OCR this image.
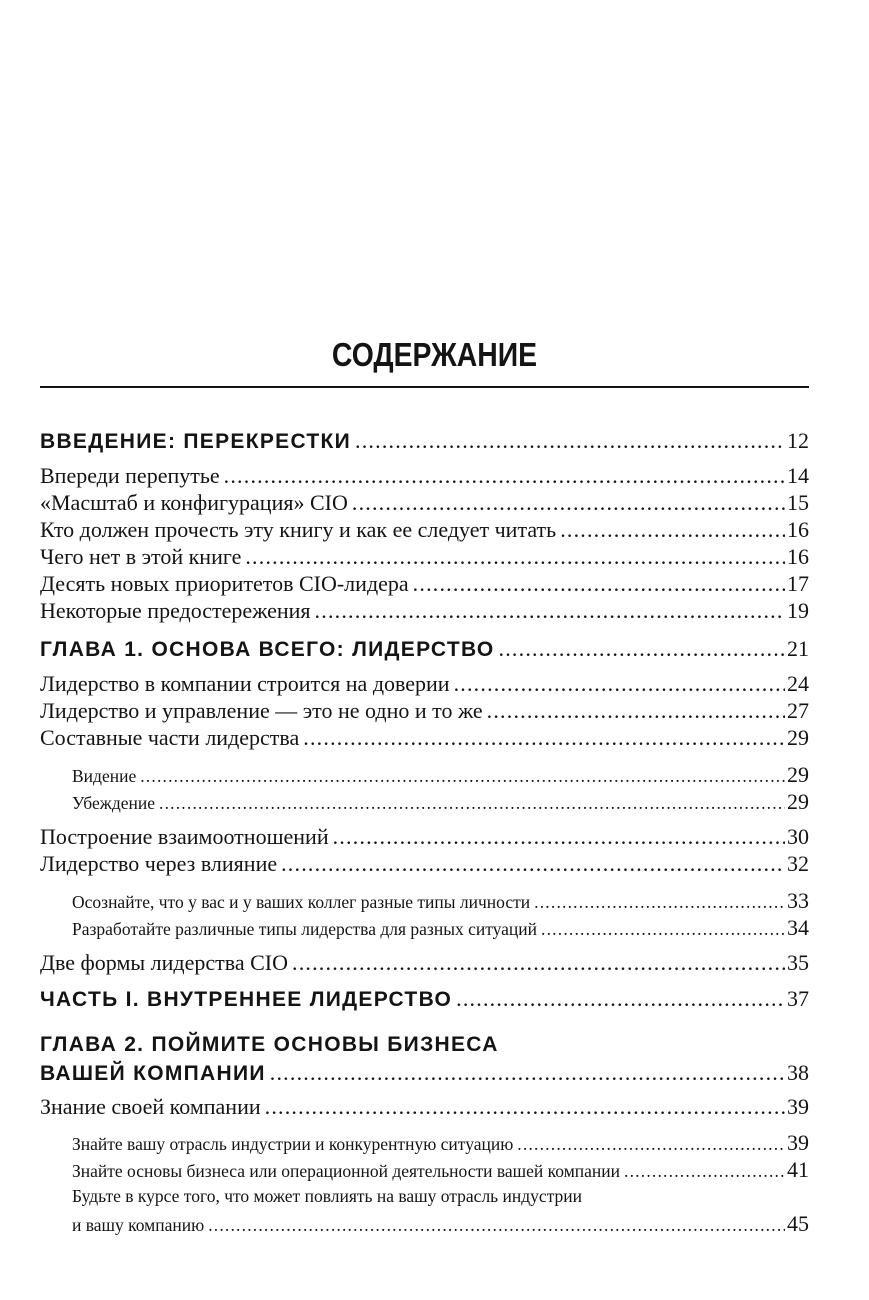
СОДЕРЖАНИЕ
ВВЕДЕНИЕ: ПЕРЕКРЕСТКИ .....	12
Впереди перепутье .....	14
«Масштаб и конфигурация» CIO .....	15
Кто должен прочесть эту книгу и как ее следует читать .....	16
Чего нет в этой книге .....	16
Десять новых приоритетов CIO-лидера .....	17
Некоторые предостережения .....	19
ГЛАВА 1. ОСНОВА ВСЕГО: ЛИДЕРСТВО .....	21
Лидерство в компании строится на доверии .....	24
Лидерство и управление — это не одно и то же .....	27
Составные части лидерства .....	29
Видение .....	29
Убеждение .....	29
Построение взаимоотношений .....	30
Лидерство через влияние .....	32
Осознайте, что у вас и у ваших коллег разные типы личности .....	33
Разработайте различные типы лидерства для разных ситуаций .....	34
Две формы лидерства CIO .....	35
ЧАСТЬ I. ВНУТРЕННЕЕ ЛИДЕРСТВО .....	37
ГЛАВА 2. ПОЙМИТЕ ОСНОВЫ БИЗНЕСА
ВАШЕЙ КОМПАНИИ .....	38
Знание своей компании .....	39
Знайте вашу отрасль индустрии и конкурентную ситуацию .....	39
Знайте основы бизнеса или операционной деятельности вашей компании .....	41
Будьте в курсе того, что может повлиять на вашу отрасль индустрии
и вашу компанию .....	45
